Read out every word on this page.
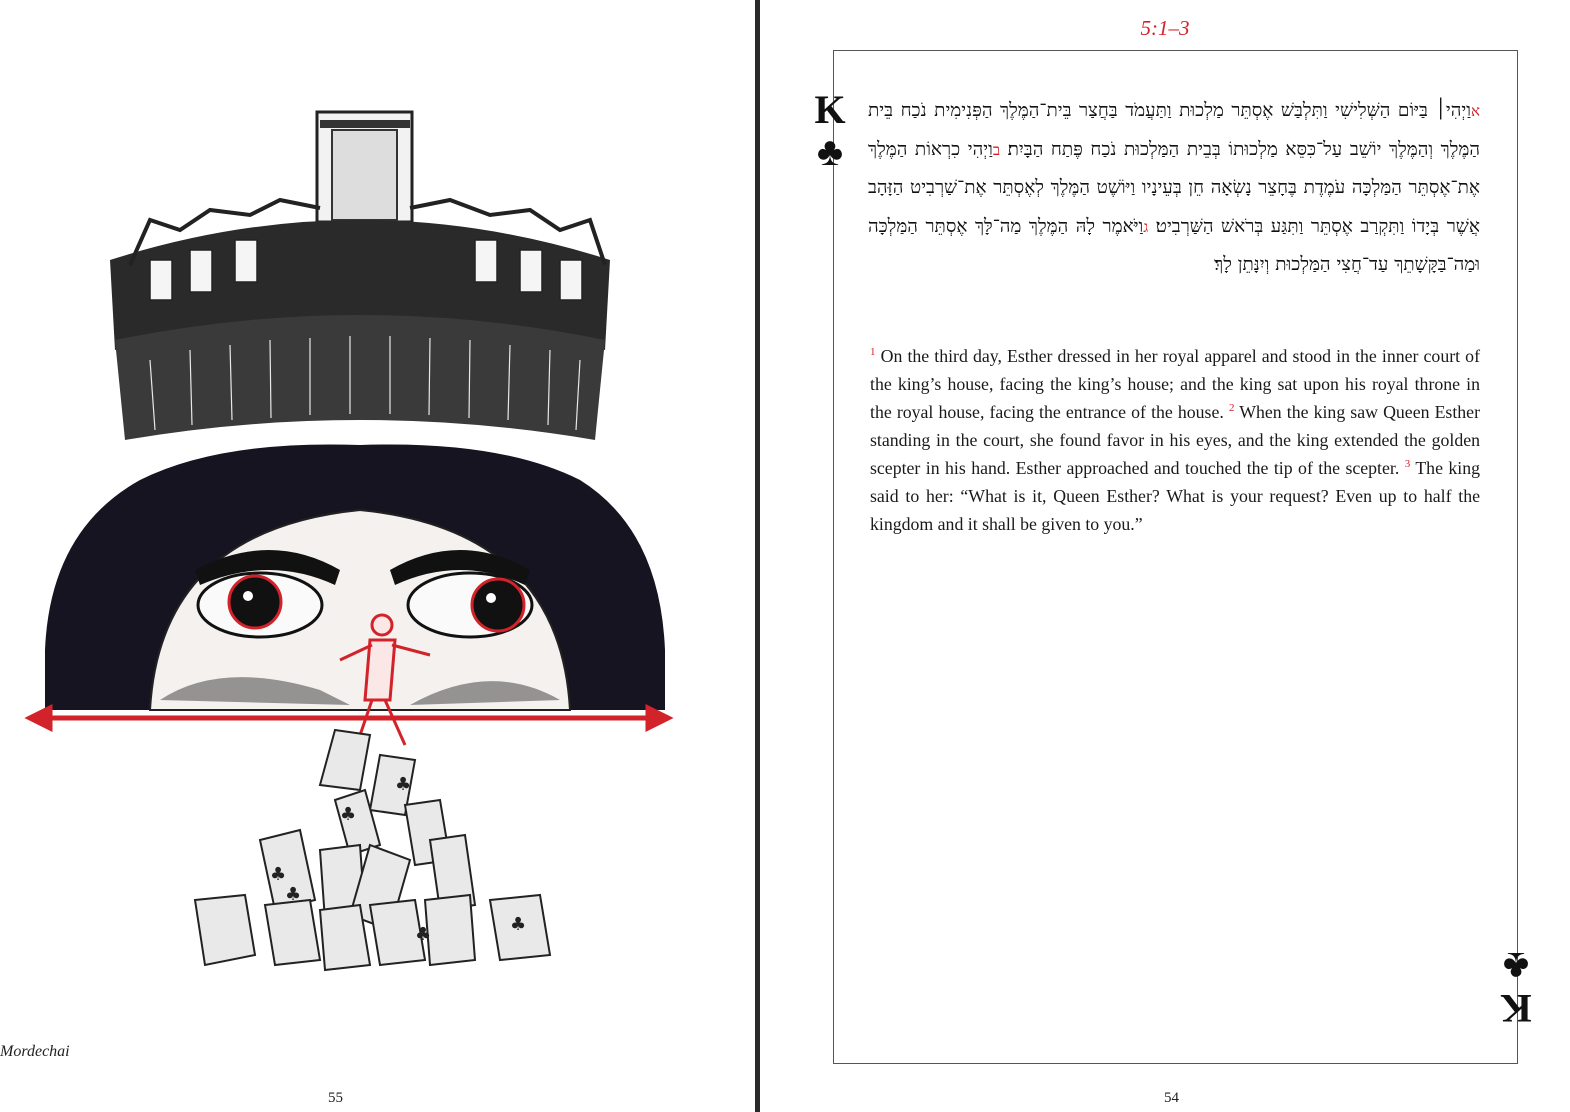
♣
♣
♣
♣
♣	♣
Mordechai
55
5:1–3
K
♣
K
♣
אוַיְהִי׀ בַּיּוֹם הַשְּׁלִישִׁי וַתִּלְבַּשׁ אֶסְתֵּר מַלְכוּת וַתַּעֲמֹד בַּחֲצַר בֵּית־הַמֶּלֶךְ הַפְּנִימִית נֹכַח בֵּית הַמֶּלֶךְ וְהַמֶּלֶךְ יוֹשֵׁב עַל־כִּסֵּא מַלְכוּתוֹ בְּבֵית הַמַּלְכוּת נֹכַח פֶּתַח הַבָּיִת׃ בוַיְהִי כִרְאוֹת הַמֶּלֶךְ אֶת־אֶסְתֵּר הַמַּלְכָּה עֹמֶדֶת בֶּחָצֵר נָשְׂאָה חֵן בְּעֵינָיו וַיּוֹשֶׁט הַמֶּלֶךְ לְאֶסְתֵּר אֶת־שַׁרְבִיט הַזָּהָב אֲשֶׁר בְּיָדוֹ וַתִּקְרַב אֶסְתֵּר וַתִּגַּע בְּרֹאשׁ הַשַּׁרְבִיט׃ גוַיֹּאמֶר לָהּ הַמֶּלֶךְ מַה־לָּךְ אֶסְתֵּר הַמַּלְכָּה וּמַה־בַּקָּשָׁתֵךְ עַד־חֲצִי הַמַּלְכוּת וְיִנָּתֵן לָךְ׃
$^1$ On the third day, Esther dressed in her royal apparel and stood in the inner court of the king’s house, facing the king’s house; and the king sat upon his royal throne in the royal house, facing the entrance of the house. $^2$ When the king saw Queen Esther standing in the court, she found favor in his eyes, and the king extended the golden scepter in his hand. Esther approached and touched the tip of the scepter. $^3$ The king said to her: “What is it, Queen Esther? What is your request? Even up to half the kingdom and it shall be given to you.”
54
